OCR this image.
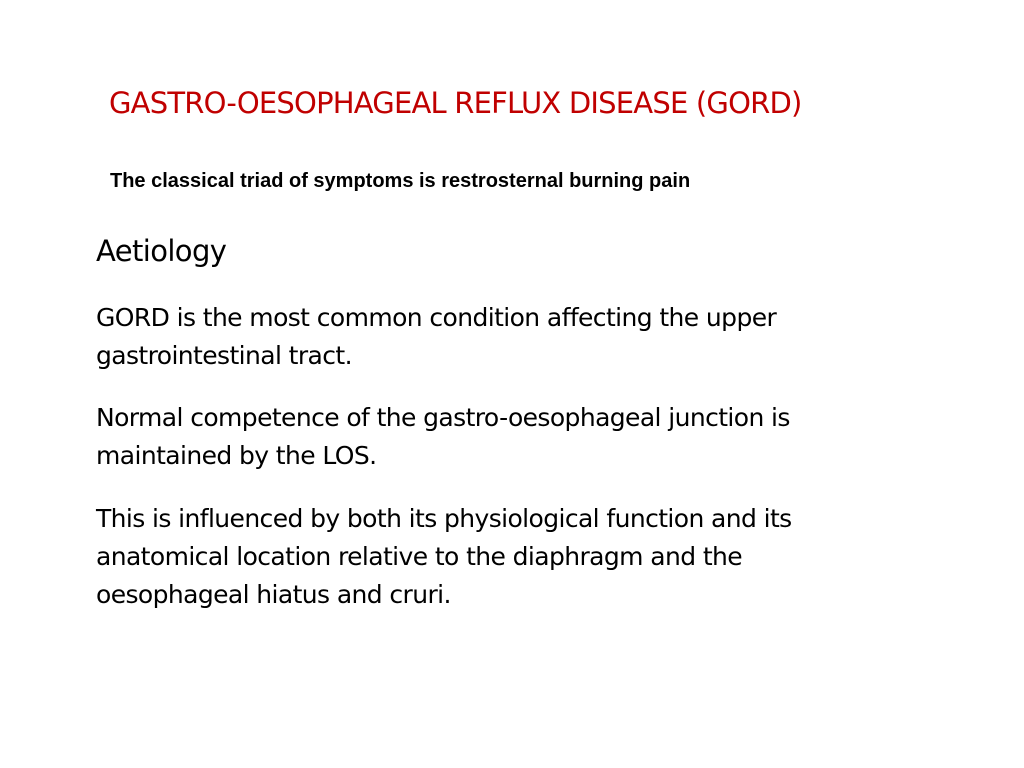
GASTRO-OESOPHAGEAL REFLUX DISEASE (GORD)

The classical triad of symptoms is restrosternal burning pain

Aetiology

GORD is the most common condition affecting the upper gastrointestinal tract.

Normal competence of the gastro-oesophageal junction is maintained by the LOS.

This is influenced by both its physiological function and its anatomical location relative to the diaphragm and the oesophageal hiatus and cruri.
